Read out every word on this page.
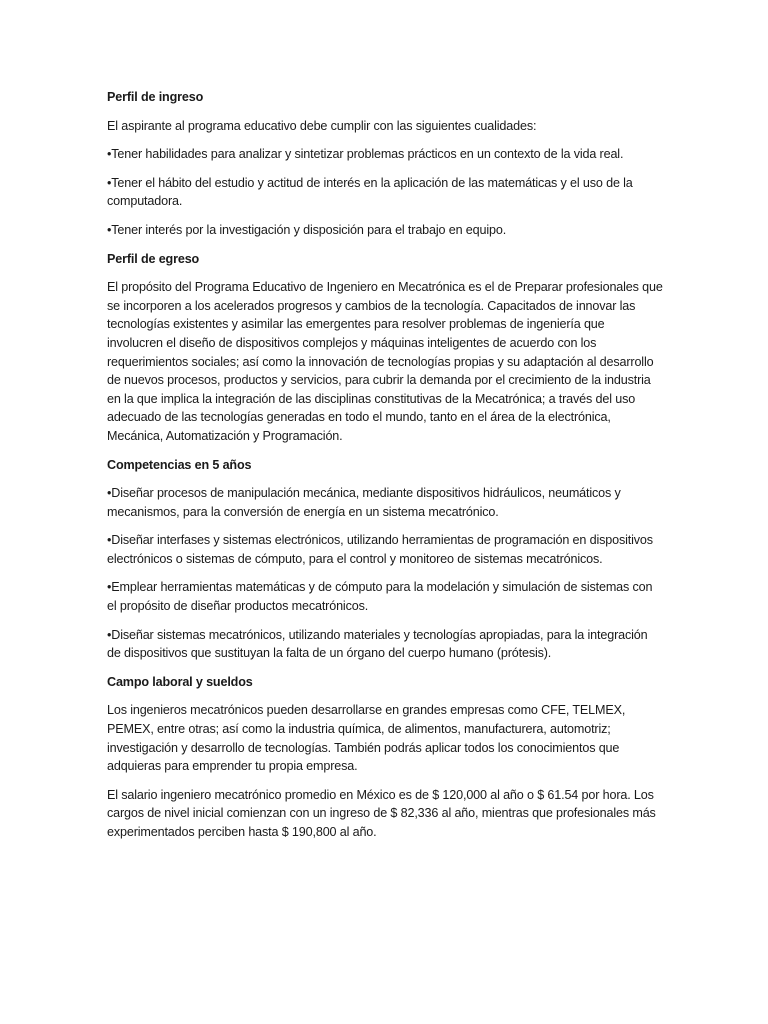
Perfil de ingreso

El aspirante al programa educativo debe cumplir con las siguientes cualidades:

•Tener habilidades para analizar y sintetizar problemas prácticos en un contexto de la vida real.

•Tener el hábito del estudio y actitud de interés en la aplicación de las matemáticas y el uso de la computadora.

•Tener interés por la investigación y disposición para el trabajo en equipo.

Perfil de egreso

El propósito del Programa Educativo de Ingeniero en Mecatrónica es el de Preparar profesionales que se incorporen a los acelerados progresos y cambios de la tecnología. Capacitados de innovar las tecnologías existentes y asimilar las emergentes para resolver problemas de ingeniería que involucren el diseño de dispositivos complejos y máquinas inteligentes de acuerdo con los requerimientos sociales; así como la innovación de tecnologías propias y su adaptación al desarrollo de nuevos procesos, productos y servicios, para cubrir la demanda por el crecimiento de la industria en la que implica la integración de las disciplinas constitutivas de la Mecatrónica; a través del uso adecuado de las tecnologías generadas en todo el mundo, tanto en el área de la electrónica, Mecánica, Automatización y Programación.

Competencias en 5 años

•Diseñar procesos de manipulación mecánica, mediante dispositivos hidráulicos, neumáticos y mecanismos, para la conversión de energía en un sistema mecatrónico.

•Diseñar interfases y sistemas electrónicos, utilizando herramientas de programación en dispositivos electrónicos o sistemas de cómputo, para el control y monitoreo de sistemas mecatrónicos.

•Emplear herramientas matemáticas y de cómputo para la modelación y simulación de sistemas con el propósito de diseñar productos mecatrónicos.

•Diseñar sistemas mecatrónicos, utilizando materiales y tecnologías apropiadas, para la integración de dispositivos que sustituyan la falta de un órgano del cuerpo humano (prótesis).

Campo laboral y sueldos

Los ingenieros mecatrónicos pueden desarrollarse en grandes empresas como CFE, TELMEX, PEMEX, entre otras; así como la industria química, de alimentos, manufacturera, automotriz; investigación y desarrollo de tecnologías. También podrás aplicar todos los conocimientos que adquieras para emprender tu propia empresa.

El salario ingeniero mecatrónico promedio en México es de $ 120,000 al año o $ 61.54 por hora. Los cargos de nivel inicial comienzan con un ingreso de $ 82,336 al año, mientras que profesionales más experimentados perciben hasta $ 190,800 al año.
